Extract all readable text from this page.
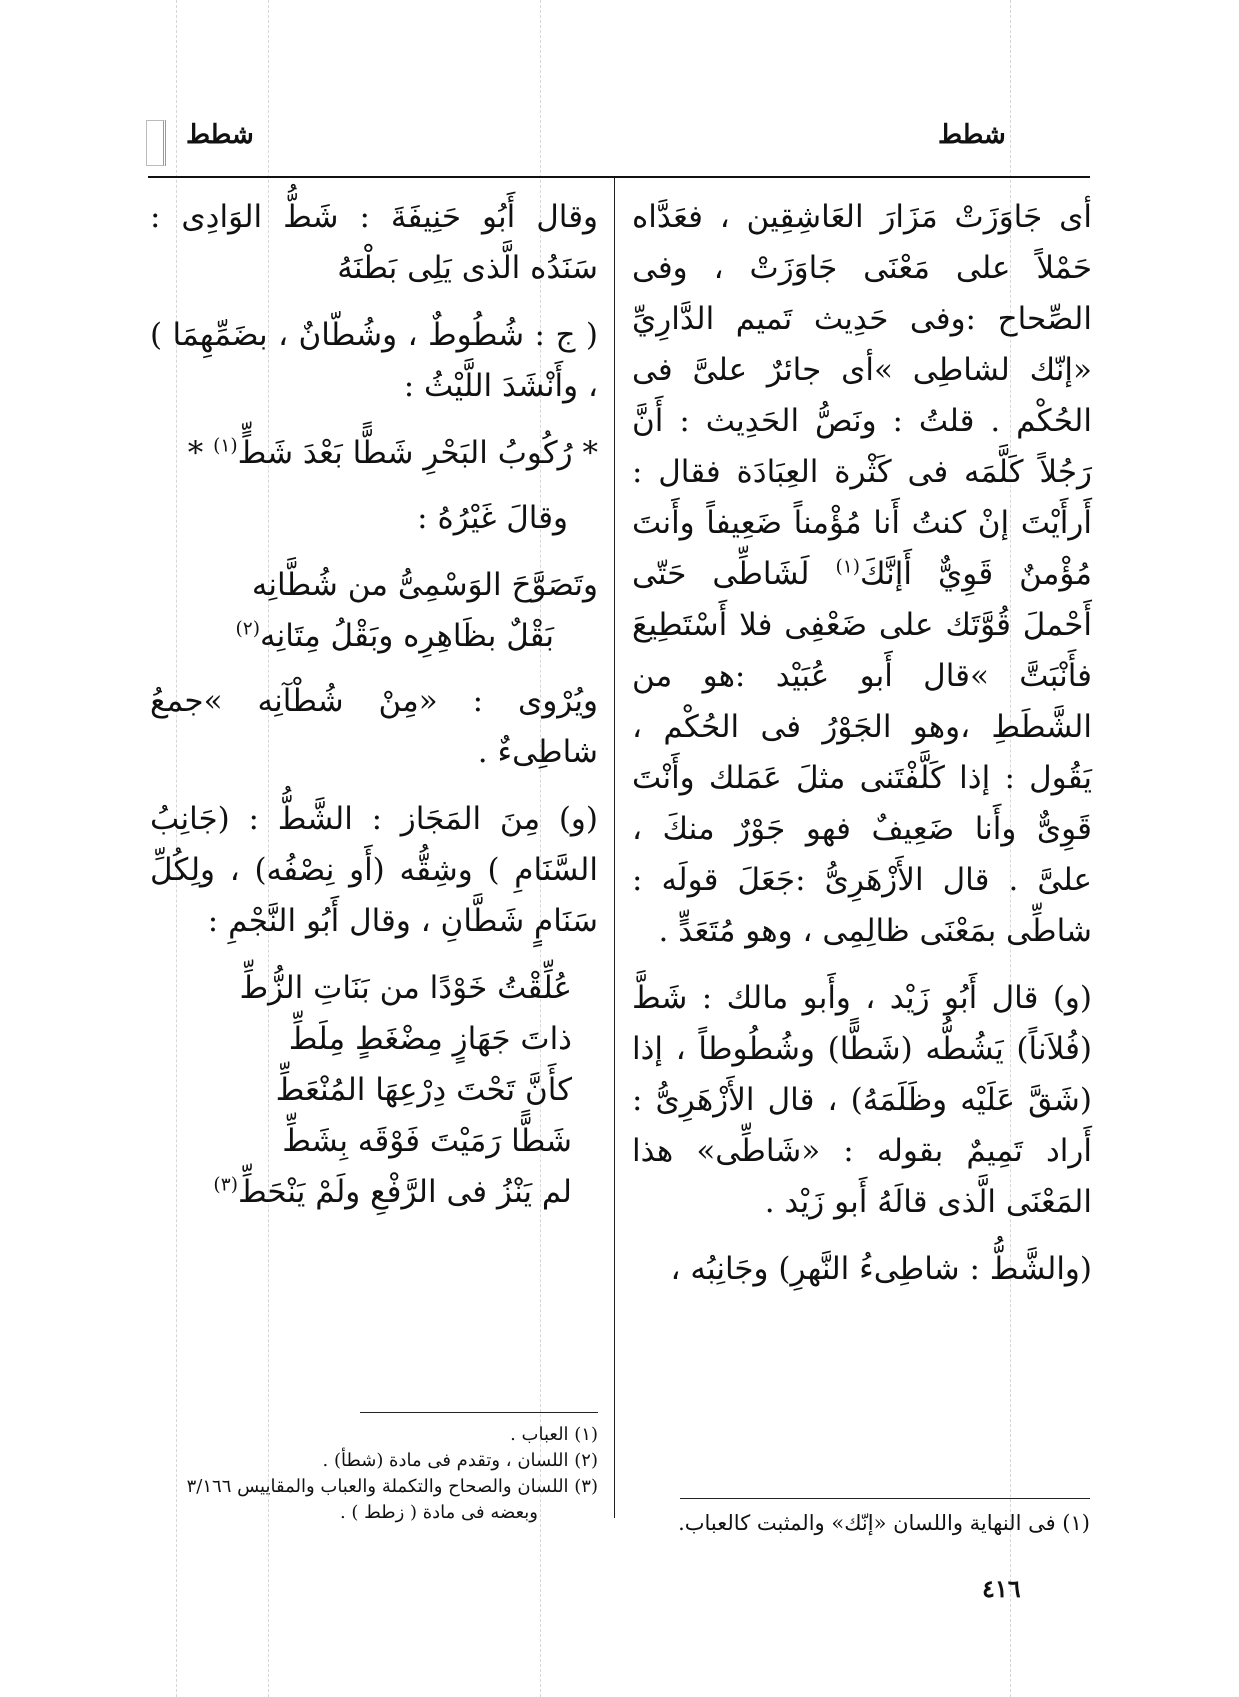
شطط
شطط

أى جَاوَزَتْ مَزَارَ العَاشِقِين ، فعَدَّاه حَمْلاً على مَعْنَى جَاوَزَتْ ، وفى الصِّحاح :وفى حَدِيث تَميم الدَّارِيِّ «إنّك لشاطِى »أى جائرٌ علىَّ فى الحُكْم . قلتُ : ونَصُّ الحَدِيث : أَنَّ رَجُلاً كَلَّمَه فى كَثْرة العِبَادَة فقال : أَرأَيْتَ إنْ كنتُ أَنا مُؤْمناً ضَعِيفاً وأَنتَ مُؤْمنٌ قَوِيٌّ أَإنَّكَ$^{(١)}$ لَشَاطِّى حَتّى أَحْملَ قُوَّتَك على ضَعْفِى فلا أَسْتَطِيعَ فأَنْبَتَّ »قال أَبو عُبَيْد :هو من الشَّطَطِ ،وهو الجَوْرُ فى الحُكْم ، يَقُول : إذا كَلَّفْتَنى مثلَ عَمَلك وأَنْتَ قَوِىٌّ وأَنا ضَعِيفٌ فهو جَوْرٌ منكَ ، علىَّ . قال الأَزْهَرِىُّ :جَعَلَ قولَه : شاطِّى بمَعْنَى ظالِمِى ، وهو مُتَعَدٍّ .

(و) قال أَبُو زَيْد ، وأَبو مالك : شَطَّ (فُلاَناً) يَشُطُّه (شَطًّا) وشُطُوطاً ، إذا (شَقَّ عَلَيْه وظَلَمَهُ) ، قال الأَزْهَرِىُّ : أَراد تَمِيمٌ بقوله : «شَاطِّى» هذا المَعْنَى الَّذى قالَهُ أَبو زَيْد .

(والشَّطُّ : شاطِىءُ النَّهرِ) وجَانِبُه ،

(١) فى النهاية واللسان «إنّك» والمثبت كالعباب.

وقال أَبُو حَنِيفَةَ : شَطُّ الوَادِى : سَنَدُه الَّذى يَلِى بَطْنَهُ

( ج : شُطُوطٌ ، وشُطّانٌ ، بضَمِّهِمَا ) ، وأَنْشَدَ اللَّيْثُ :

* رُكُوبُ البَحْرِ شَطًّا بَعْدَ شَطٍّ$^{(١)}$ *

وقالَ غَيْرُهُ :

وتَصَوَّحَ الوَسْمِىُّ من شُطَّانِه
بَقْلٌ بظَاهِرِه وبَقْلُ مِتَانِه$^{(٢)}$

ويُرْوى : «مِنْ شُطْآنِه »جمعُ شاطِىءٌ .

(و) مِنَ المَجَاز : الشَّطُّ : (جَانِبُ السَّنَامِ ) وشِقُّه (أَو نِصْفُه) ، ولِكُلِّ سَنَامٍ شَطَّانِ ، وقال أَبُو النَّجْمِ :

عُلِّقْتُ خَوْدًا من بَنَاتِ الزُّطِّ
ذاتَ جَهَازٍ مِضْغَطٍ مِلَطِّ
كأَنَّ تَحْتَ دِرْعِهَا المُنْعَطِّ
شَطًّا رَمَيْتَ فَوْقَه بِشَطِّ
لم يَنْزُ فى الرَّفْعِ ولَمْ يَنْحَطِّ$^{(٣)}$
(١) العباب .
(٢) اللسان ، وتقدم فى مادة (شطأ) .
(٣) اللسان والصحاح والتكملة والعباب والمقاييس ٣/١٦٦
وبعضه فى مادة ( زطط ) .
٤١٦
